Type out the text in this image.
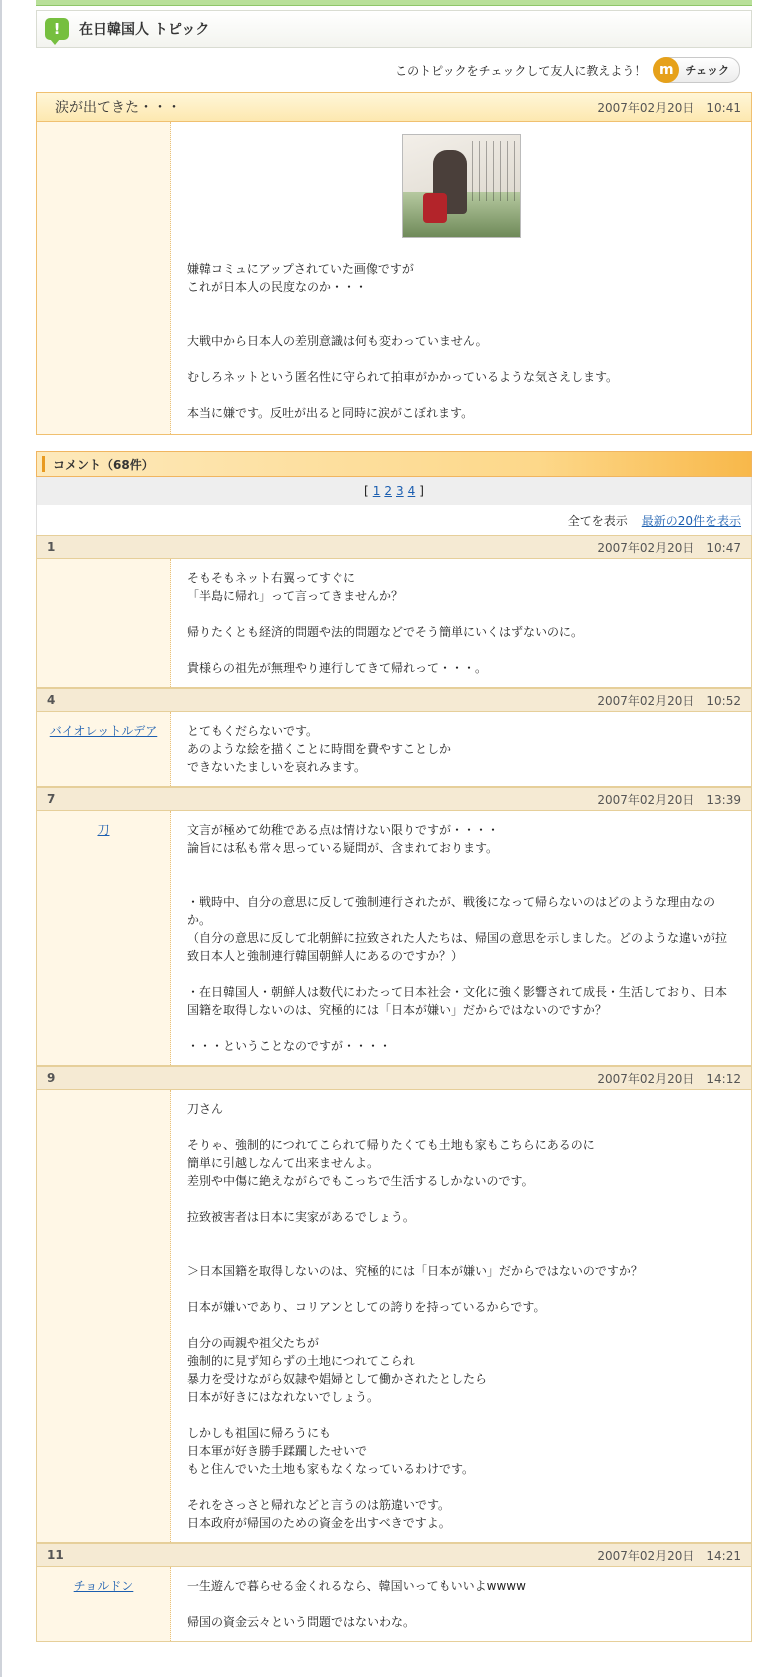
!	在日韓国人 トピック
このトピックをチェックして友人に教えよう！ m	チェック
涙が出てきた・・・	2007年02月20日　10:41
嫌韓コミュにアップされていた画像ですが
これが日本人の民度なのか・・・

大戦中から日本人の差別意識は何も変わっていません。

むしろネットという匿名性に守られて拍車がかかっているような気さえします。

本当に嫌です。反吐が出ると同時に涙がこぼれます。
コメント（68件）
[ 1 2 3 4 ]
全てを表示 最新の20件を表示
1	2007年02月20日　10:47
そもそもネット右翼ってすぐに
「半島に帰れ」って言ってきませんか？

帰りたくとも経済的問題や法的問題などでそう簡単にいくはずないのに。

貴様らの祖先が無理やり連行してきて帰れって・・・。
4	2007年02月20日　10:52
バイオレットルデア	とてもくだらないです。
あのような絵を描くことに時間を費やすことしか
できないたましいを哀れみます。
7	2007年02月20日　13:39
刀	文言が極めて幼稚である点は情けない限りですが・・・・
論旨には私も常々思っている疑問が、含まれております。

・戦時中、自分の意思に反して強制連行されたが、戦後になって帰らないのはどのような理由なのか。
（自分の意思に反して北朝鮮に拉致された人たちは、帰国の意思を示しました。どのような違いが拉致日本人と強制連行韓国朝鮮人にあるのですか？）

・在日韓国人・朝鮮人は数代にわたって日本社会・文化に強く影響されて成長・生活しており、日本国籍を取得しないのは、究極的には「日本が嫌い」だからではないのですか？

・・・ということなのですが・・・・
9	2007年02月20日　14:12
刀さん

そりゃ、強制的につれてこられて帰りたくても土地も家もこちらにあるのに
簡単に引越しなんて出来ませんよ。
差別や中傷に絶えながらでもこっちで生活するしかないのです。

拉致被害者は日本に実家があるでしょう。

＞日本国籍を取得しないのは、究極的には「日本が嫌い」だからではないのですか？

日本が嫌いであり、コリアンとしての誇りを持っているからです。

自分の両親や祖父たちが
強制的に見ず知らずの土地につれてこられ
暴力を受けながら奴隷や娼婦として働かされたとしたら
日本が好きにはなれないでしょう。

しかしも祖国に帰ろうにも
日本軍が好き勝手蹂躙したせいで
もと住んでいた土地も家もなくなっているわけです。

それをさっさと帰れなどと言うのは筋違いです。
日本政府が帰国のための資金を出すべきですよ。
11	2007年02月20日　14:21
チョルドン	一生遊んで暮らせる金くれるなら、韓国いってもいいよwwww

帰国の資金云々という問題ではないわな。
